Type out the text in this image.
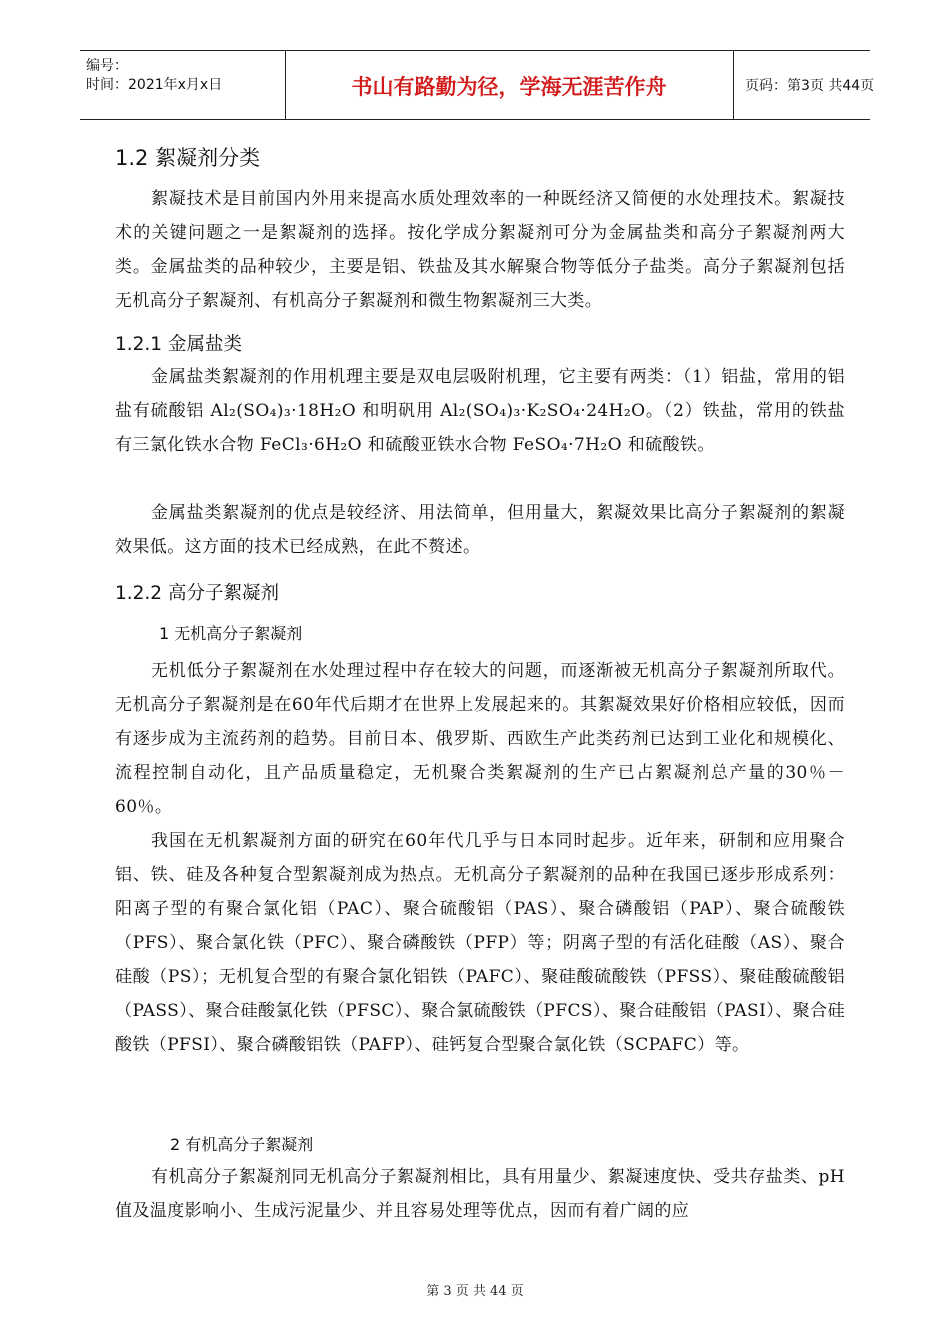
编号：
时间：2021年x月x日	书山有路勤为径，学海无涯苦作舟	页码：第3页 共44页
1.2 絮凝剂分类

絮凝技术是目前国内外用来提高水质处理效率的一种既经济又简便的水处理技术。絮凝技术的关键问题之一是絮凝剂的选择。按化学成分絮凝剂可分为金属盐类和高分子絮凝剂两大类。金属盐类的品种较少，主要是铝、铁盐及其水解聚合物等低分子盐类。高分子絮凝剂包括无机高分子絮凝剂、有机高分子絮凝剂和微生物絮凝剂三大类。

1.2.1 金属盐类

金属盐类絮凝剂的作用机理主要是双电层吸附机理，它主要有两类：（1）铝盐，常用的铝盐有硫酸铝 Al₂(SO₄)₃·18H₂O 和明矾用 Al₂(SO₄)₃·K₂SO₄·24H₂O。（2）铁盐，常用的铁盐有三氯化铁水合物 FeCl₃·6H₂O 和硫酸亚铁水合物 FeSO₄·7H₂O 和硫酸铁。

金属盐类絮凝剂的优点是较经济、用法简单，但用量大，絮凝效果比高分子絮凝剂的絮凝效果低。这方面的技术已经成熟，在此不赘述。

1.2.2 高分子絮凝剂
1 无机高分子絮凝剂

无机低分子絮凝剂在水处理过程中存在较大的问题，而逐渐被无机高分子絮凝剂所取代。无机高分子絮凝剂是在60年代后期才在世界上发展起来的。其絮凝效果好价格相应较低，因而有逐步成为主流药剂的趋势。目前日本、俄罗斯、西欧生产此类药剂已达到工业化和规模化、流程控制自动化，且产品质量稳定，无机聚合类絮凝剂的生产已占絮凝剂总产量的30％－60％。

我国在无机絮凝剂方面的研究在60年代几乎与日本同时起步。近年来，研制和应用聚合铝、铁、硅及各种复合型絮凝剂成为热点。无机高分子絮凝剂的品种在我国已逐步形成系列：阳离子型的有聚合氯化铝（PAC）、聚合硫酸铝（PAS）、聚合磷酸铝（PAP）、聚合硫酸铁（PFS）、聚合氯化铁（PFC）、聚合磷酸铁（PFP）等；阴离子型的有活化硅酸（AS）、聚合硅酸（PS）；无机复合型的有聚合氯化铝铁（PAFC）、聚硅酸硫酸铁（PFSS）、聚硅酸硫酸铝（PASS）、聚合硅酸氯化铁（PFSC）、聚合氯硫酸铁（PFCS）、聚合硅酸铝（PASI）、聚合硅酸铁（PFSI）、聚合磷酸铝铁（PAFP）、硅钙复合型聚合氯化铁（SCPAFC）等。

2 有机高分子絮凝剂

有机高分子絮凝剂同无机高分子絮凝剂相比，具有用量少、絮凝速度快、受共存盐类、pH值及温度影响小、生成污泥量少、并且容易处理等优点，因而有着广阔的应

第 3 页 共 44 页
